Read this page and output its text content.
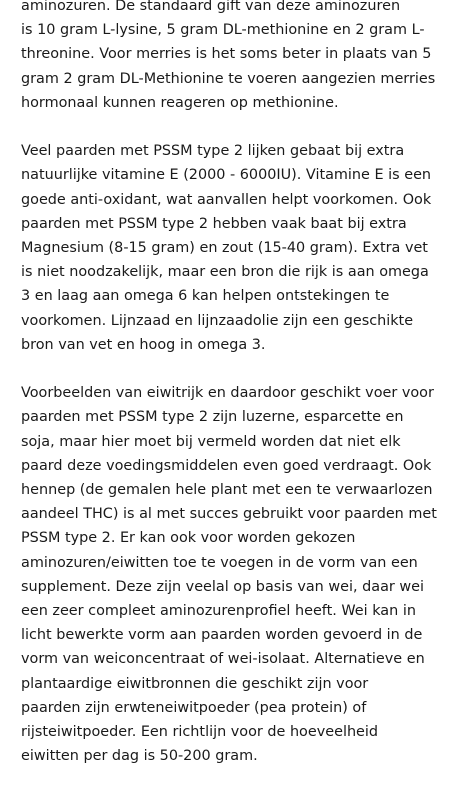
aminozuren. De standaard gift van deze aminozuren
is 10 gram L-lysine, 5 gram DL-methionine en 2 gram L-
threonine. Voor merries is het soms beter in plaats van 5
gram 2 gram DL-Methionine te voeren aangezien merries
hormonaal kunnen reageren op methionine.

Veel paarden met PSSM type 2 lijken gebaat bij extra
natuurlijke vitamine E (2000 - 6000IU). Vitamine E is een
goede anti-oxidant, wat aanvallen helpt voorkomen. Ook
paarden met PSSM type 2 hebben vaak baat bij extra
Magnesium (8-15 gram) en zout (15-40 gram). Extra vet
is niet noodzakelijk, maar een bron die rijk is aan omega
3 en laag aan omega 6 kan helpen ontstekingen te
voorkomen. Lijnzaad en lijnzaadolie zijn een geschikte
bron van vet en hoog in omega 3.

Voorbeelden van eiwitrijk en daardoor geschikt voer voor
paarden met PSSM type 2 zijn luzerne, esparcette en
soja, maar hier moet bij vermeld worden dat niet elk
paard deze voedingsmiddelen even goed verdraagt. Ook
hennep (de gemalen hele plant met een te verwaarlozen
aandeel THC) is al met succes gebruikt voor paarden met
PSSM type 2. Er kan ook voor worden gekozen
aminozuren/eiwitten toe te voegen in de vorm van een
supplement. Deze zijn veelal op basis van wei, daar wei
een zeer compleet aminozurenprofiel heeft. Wei kan in
licht bewerkte vorm aan paarden worden gevoerd in de
vorm van weiconcentraat of wei-isolaat. Alternatieve en
plantaardige eiwitbronnen die geschikt zijn voor
paarden zijn erwteneiwitpoeder (pea protein) of
rijsteiwitpoeder. Een richtlijn voor de hoeveelheid
eiwitten per dag is 50-200 gram.
